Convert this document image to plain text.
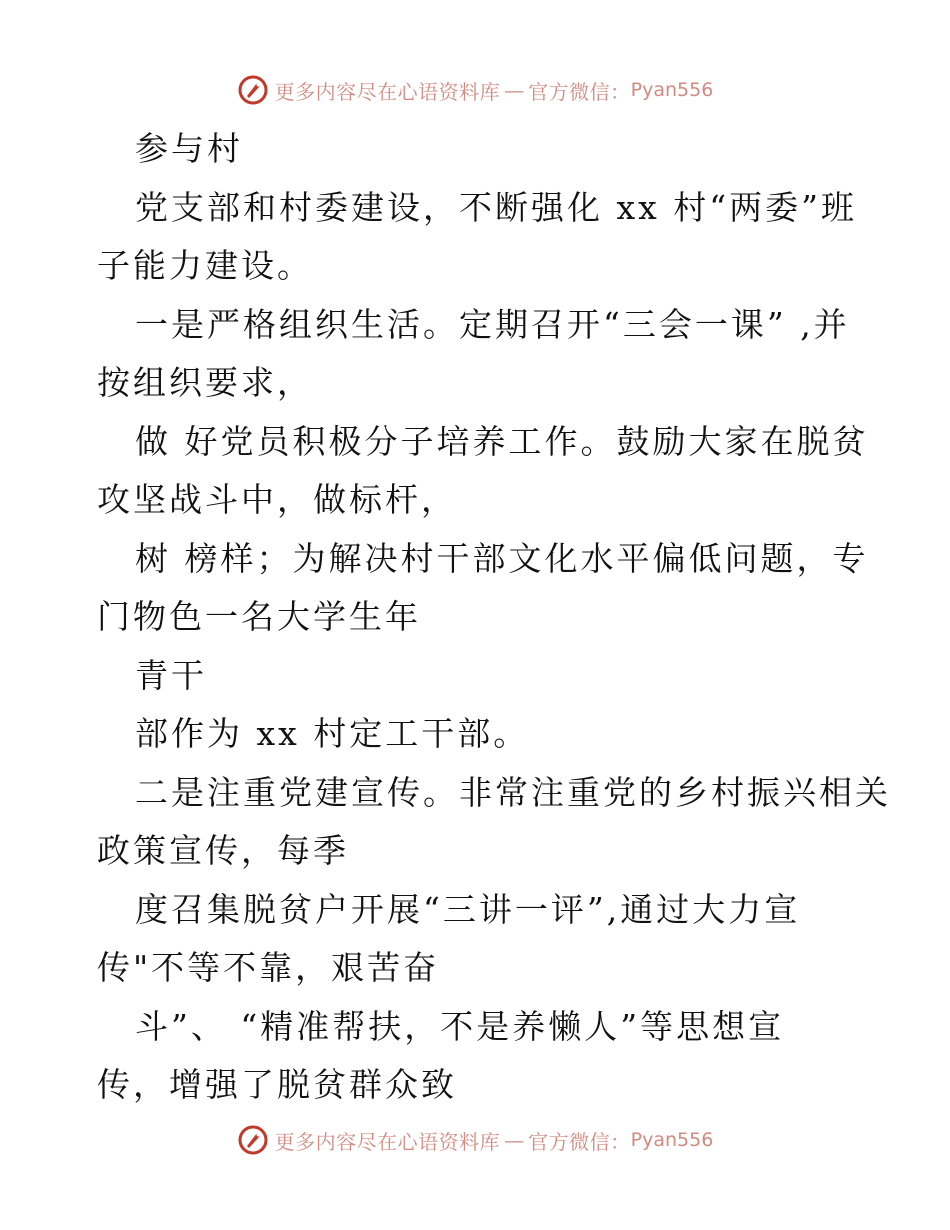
更多内容尽在心语资料库 — 官方微信： Pyan556
参与村
党支部和村委建设，不断强化 xx 村“两委”班
子能力建设。
一是严格组织生活。定期召开“三会一课” ,并
按组织要求，
做 好党员积极分子培养工作。鼓励大家在脱贫
攻坚战斗中，做标杆，
树 榜样；为解决村干部文化水平偏低问题，专
门物色一名大学生年
青干
部作为 xx 村定工干部。
二是注重党建宣传。非常注重党的乡村振兴相关
政策宣传，每季
度召集脱贫户开展“三讲一评”,通过大力宣
传"不等不靠，艰苦奋
斗”、 “精准帮扶，不是养懒人”等思想宣
传，增强了脱贫群众致
更多内容尽在心语资料库 — 官方微信： Pyan556
